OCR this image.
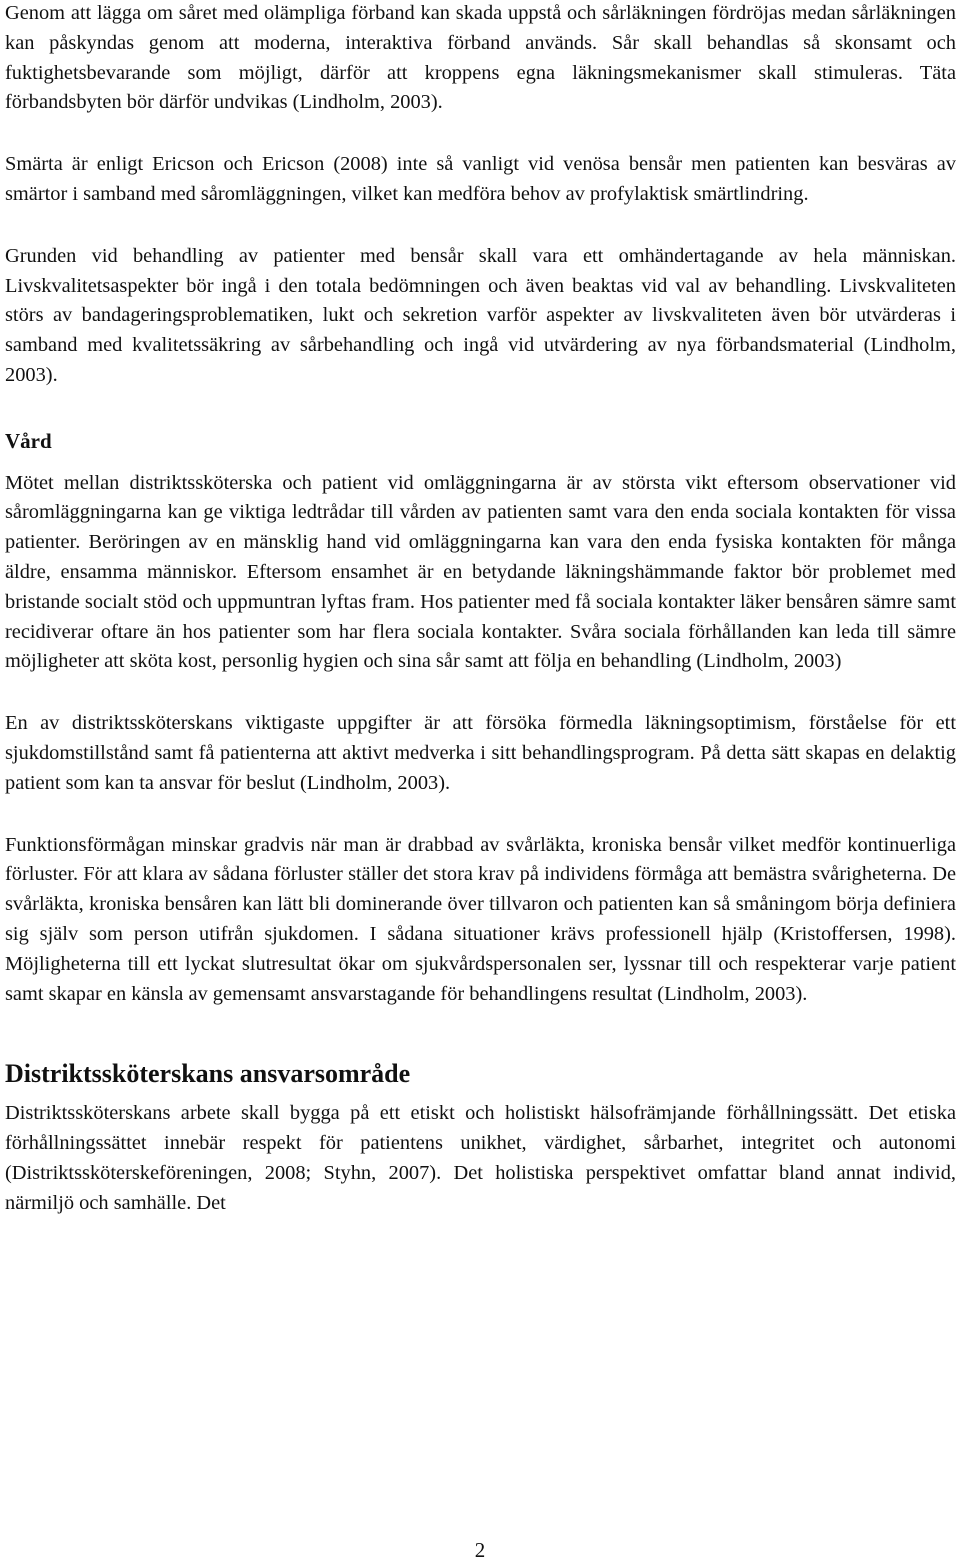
Genom att lägga om såret med olämpliga förband kan skada uppstå och sårläkningen fördröjas medan sårläkningen kan påskyndas genom att moderna, interaktiva förband används. Sår skall behandlas så skonsamt och fuktighetsbevarande som möjligt, därför att kroppens egna läkningsmekanismer skall stimuleras. Täta förbandsbyten bör därför undvikas (Lindholm, 2003).

Smärta är enligt Ericson och Ericson (2008) inte så vanligt vid venösa bensår men patienten kan besväras av smärtor i samband med såromläggningen, vilket kan medföra behov av profylaktisk smärtlindring.

Grunden vid behandling av patienter med bensår skall vara ett omhändertagande av hela människan. Livskvalitetsaspekter bör ingå i den totala bedömningen och även beaktas vid val av behandling. Livskvaliteten störs av bandageringsproblematiken, lukt och sekretion varför aspekter av livskvaliteten även bör utvärderas i samband med kvalitetssäkring av sårbehandling och ingå vid utvärdering av nya förbandsmaterial (Lindholm, 2003).

Vård

Mötet mellan distriktssköterska och patient vid omläggningarna är av största vikt eftersom observationer vid såromläggningarna kan ge viktiga ledtrådar till vården av patienten samt vara den enda sociala kontakten för vissa patienter. Beröringen av en mänsklig hand vid omläggningarna kan vara den enda fysiska kontakten för många äldre, ensamma människor. Eftersom ensamhet är en betydande läkningshämmande faktor bör problemet med bristande socialt stöd och uppmuntran lyftas fram. Hos patienter med få sociala kontakter läker bensåren sämre samt recidiverar oftare än hos patienter som har flera sociala kontakter. Svåra sociala förhållanden kan leda till sämre möjligheter att sköta kost, personlig hygien och sina sår samt att följa en behandling (Lindholm, 2003)

En av distriktssköterskans viktigaste uppgifter är att försöka förmedla läkningsoptimism, förståelse för ett sjukdomstillstånd samt få patienterna att aktivt medverka i sitt behandlingsprogram. På detta sätt skapas en delaktig patient som kan ta ansvar för beslut (Lindholm, 2003).

Funktionsförmågan minskar gradvis när man är drabbad av svårläkta, kroniska bensår vilket medför kontinuerliga förluster. För att klara av sådana förluster ställer det stora krav på individens förmåga att bemästra svårigheterna. De svårläkta, kroniska bensåren kan lätt bli dominerande över tillvaron och patienten kan så småningom börja definiera sig själv som person utifrån sjukdomen. I sådana situationer krävs professionell hjälp (Kristoffersen, 1998). Möjligheterna till ett lyckat slutresultat ökar om sjukvårdspersonalen ser, lyssnar till och respekterar varje patient samt skapar en känsla av gemensamt ansvarstagande för behandlingens resultat (Lindholm, 2003).

Distriktssköterskans ansvarsområde

Distriktssköterskans arbete skall bygga på ett etiskt och holistiskt hälsofrämjande förhållningssätt. Det etiska förhållningssättet innebär respekt för patientens unikhet, värdighet, sårbarhet, integritet och autonomi (Distriktssköterskeföreningen, 2008; Styhn, 2007). Det holistiska perspektivet omfattar bland annat individ, närmiljö och samhälle. Det

2
